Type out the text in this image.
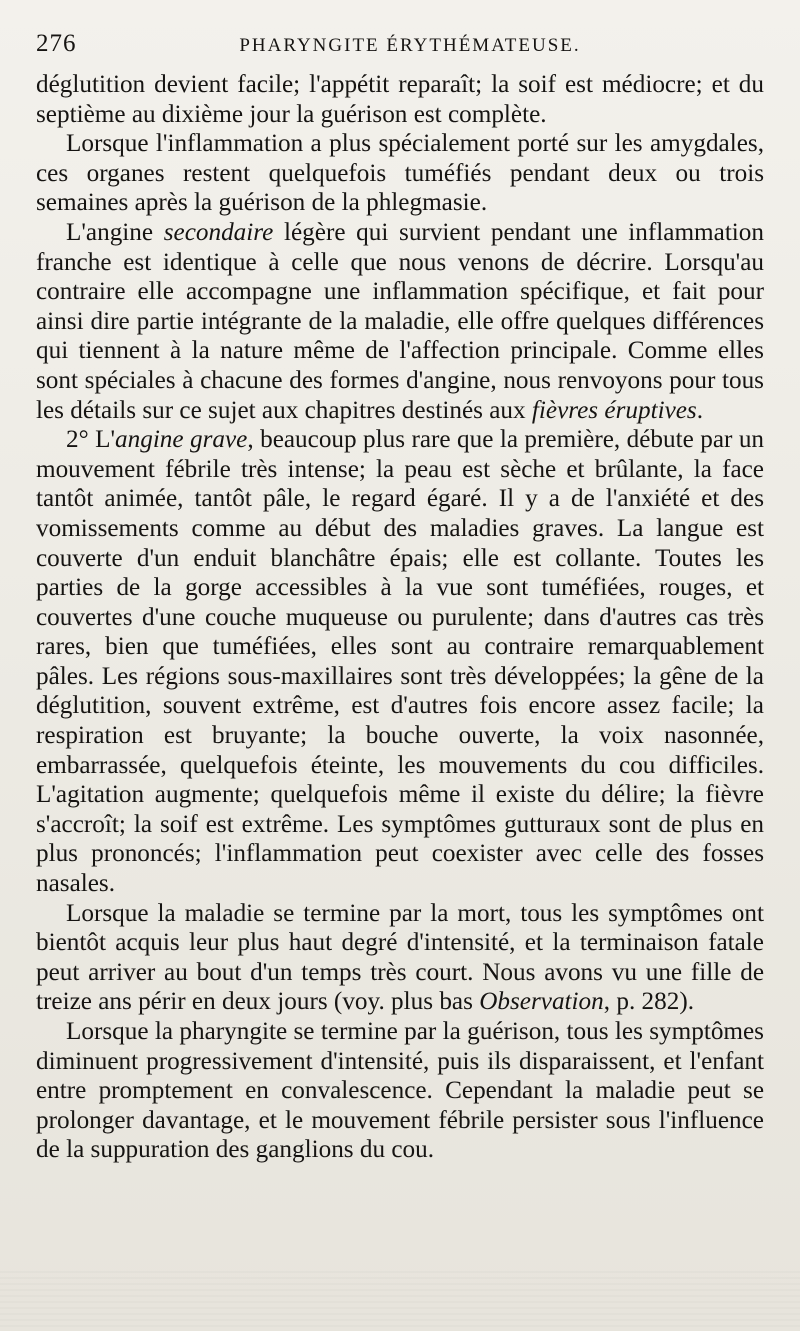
276	PHARYNGITE ÉRYTHÉMATEUSE.

déglutition devient facile; l'appétit reparaît; la soif est médiocre; et du septième au dixième jour la guérison est complète.

Lorsque l'inflammation a plus spécialement porté sur les amygdales, ces organes restent quelquefois tuméfiés pendant deux ou trois semaines après la guérison de la phlegmasie.

L'angine secondaire légère qui survient pendant une inflammation franche est identique à celle que nous venons de décrire. Lorsqu'au contraire elle accompagne une inflammation spécifique, et fait pour ainsi dire partie intégrante de la maladie, elle offre quelques différences qui tiennent à la nature même de l'affection principale. Comme elles sont spéciales à chacune des formes d'angine, nous renvoyons pour tous les détails sur ce sujet aux chapitres destinés aux fièvres éruptives.

2° L'angine grave, beaucoup plus rare que la première, débute par un mouvement fébrile très intense; la peau est sèche et brûlante, la face tantôt animée, tantôt pâle, le regard égaré. Il y a de l'anxiété et des vomissements comme au début des maladies graves. La langue est couverte d'un enduit blanchâtre épais; elle est collante. Toutes les parties de la gorge accessibles à la vue sont tuméfiées, rouges, et couvertes d'une couche muqueuse ou purulente; dans d'autres cas très rares, bien que tuméfiées, elles sont au contraire remarquablement pâles. Les régions sous-maxillaires sont très développées; la gêne de la déglutition, souvent extrême, est d'autres fois encore assez facile; la respiration est bruyante; la bouche ouverte, la voix nasonnée, embarrassée, quelquefois éteinte, les mouvements du cou difficiles. L'agitation augmente; quelquefois même il existe du délire; la fièvre s'accroît; la soif est extrême. Les symptômes gutturaux sont de plus en plus prononcés; l'inflammation peut coexister avec celle des fosses nasales.

Lorsque la maladie se termine par la mort, tous les symptômes ont bientôt acquis leur plus haut degré d'intensité, et la terminaison fatale peut arriver au bout d'un temps très court. Nous avons vu une fille de treize ans périr en deux jours (voy. plus bas Observation, p. 282).

Lorsque la pharyngite se termine par la guérison, tous les symptômes diminuent progressivement d'intensité, puis ils disparaissent, et l'enfant entre promptement en convalescence. Cependant la maladie peut se prolonger davantage, et le mouvement fébrile persister sous l'influence de la suppuration des ganglions du cou.
